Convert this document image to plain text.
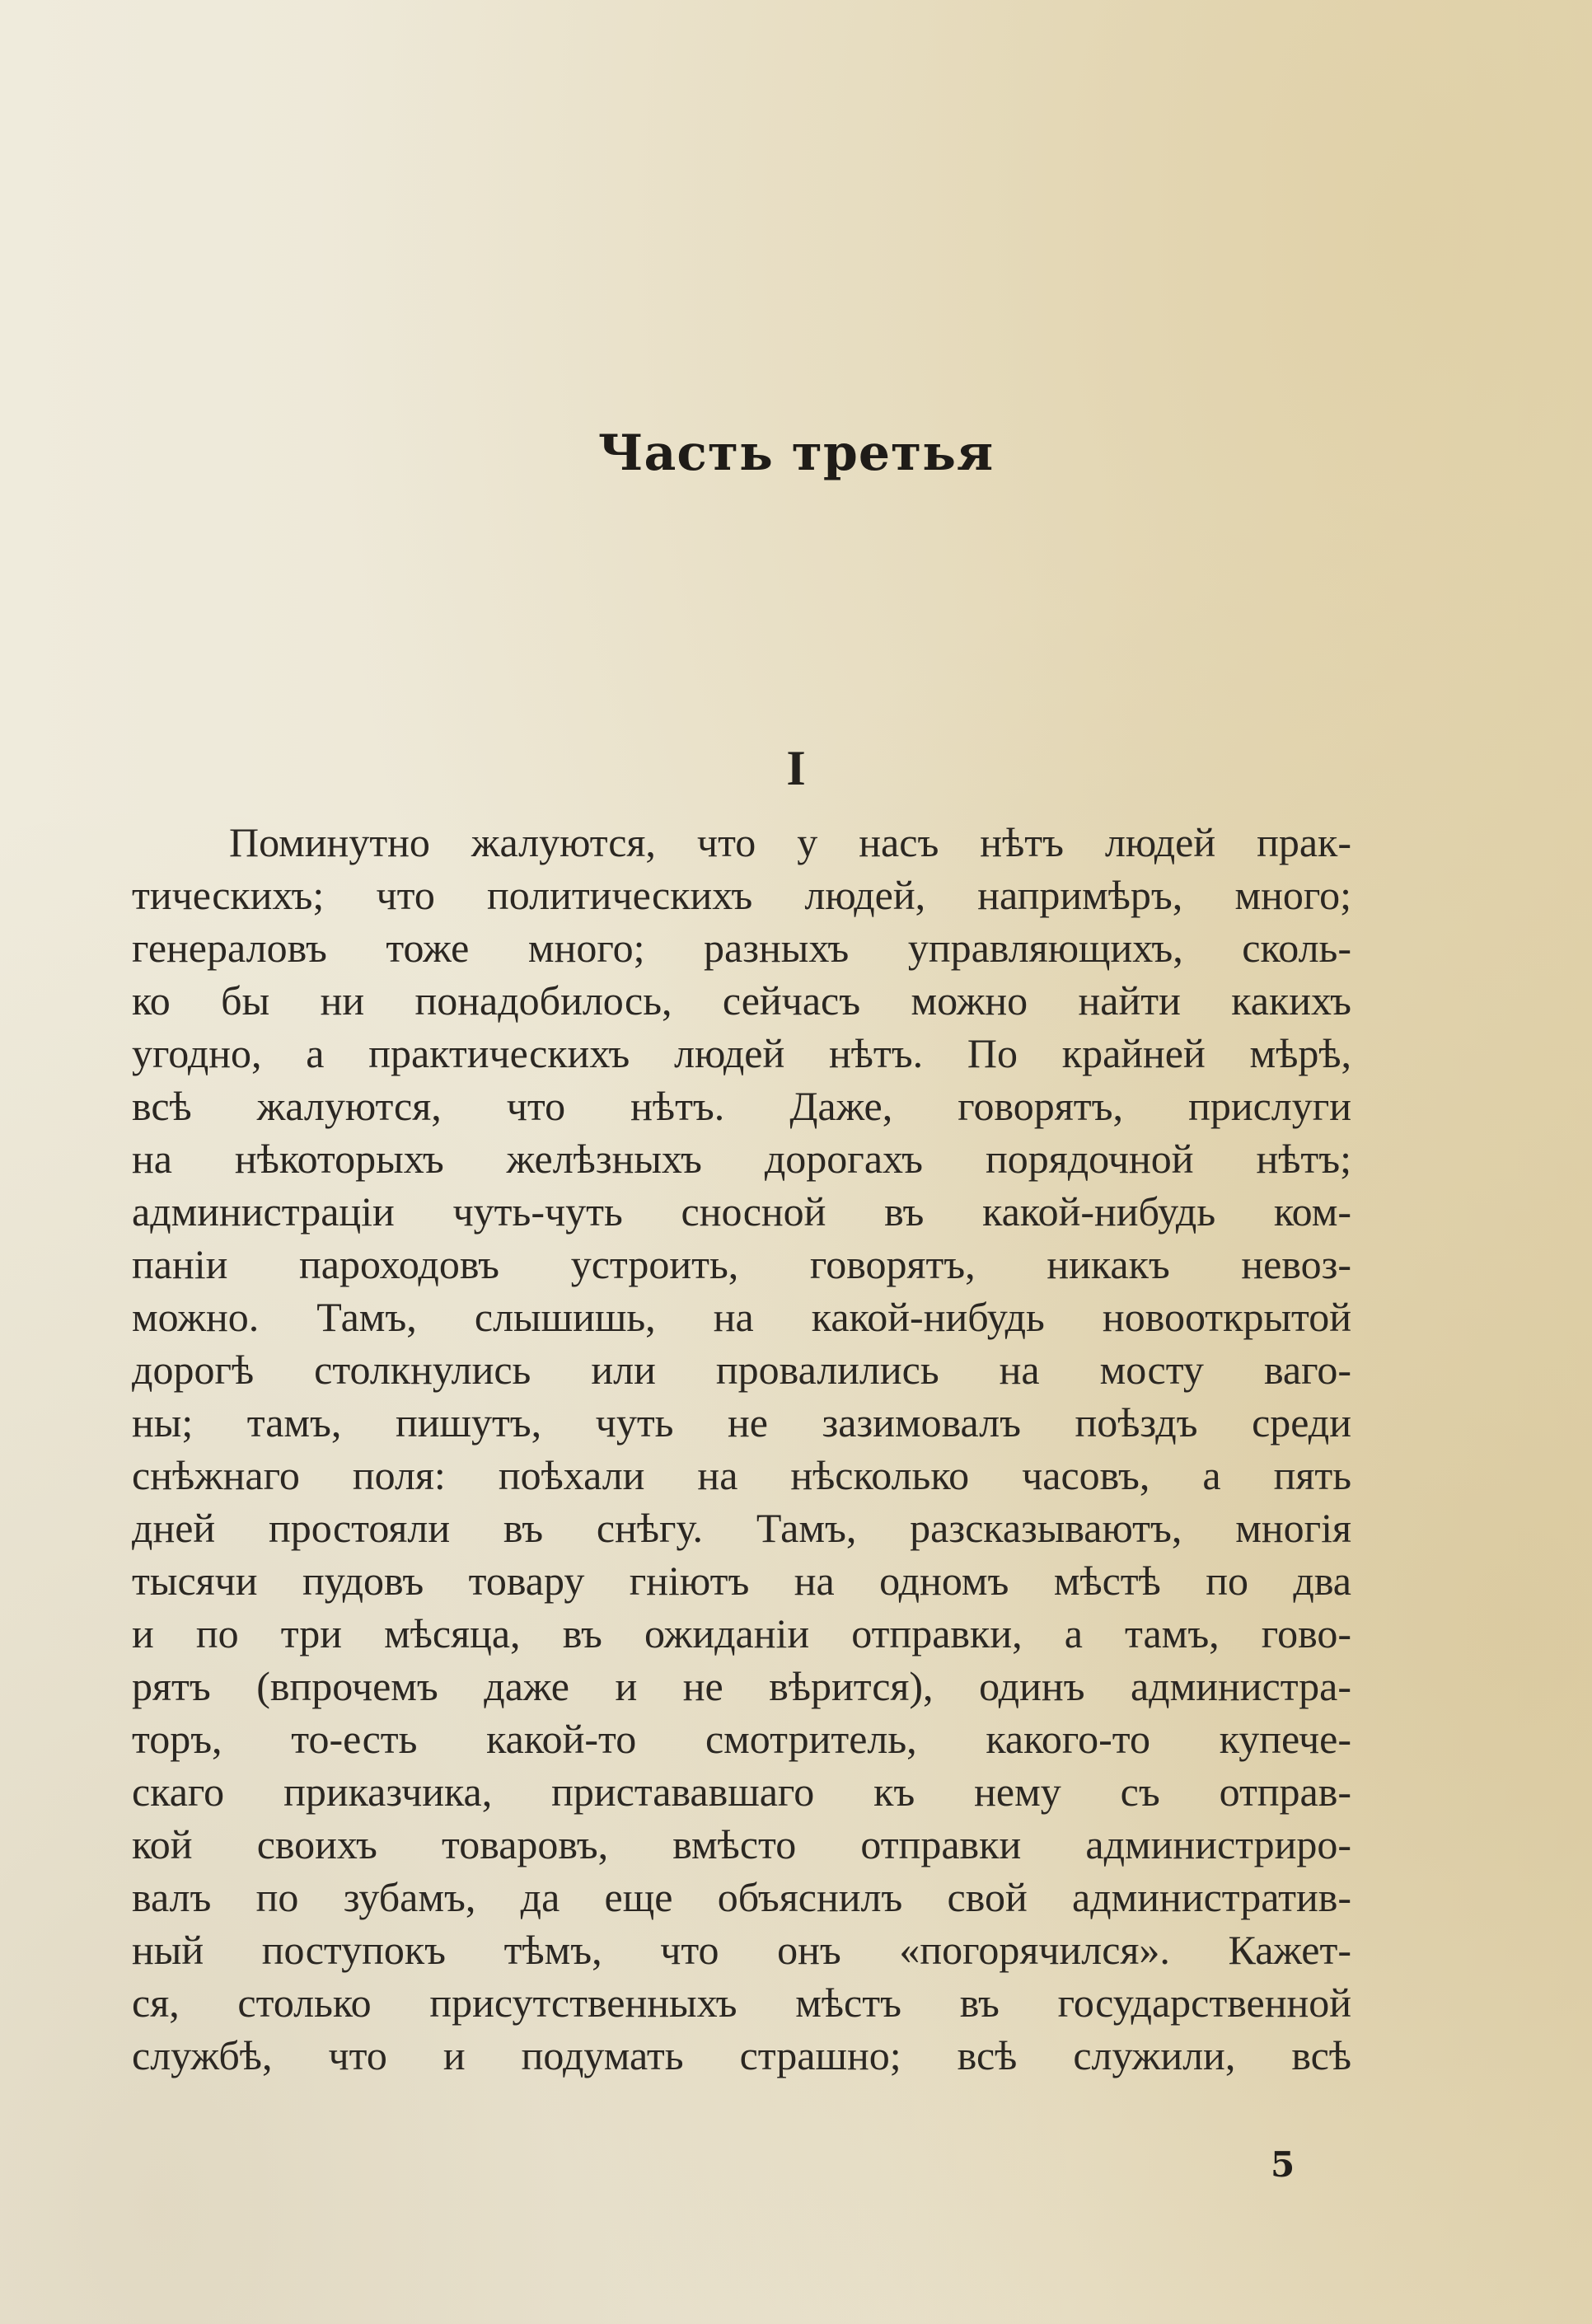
Часть третья
I
Поминутно жалуются, что у насъ нѣтъ людей прак-
тическихъ; что политическихъ людей, напримѣръ, много;
генераловъ тоже много; разныхъ управляющихъ, сколь-
ко бы ни понадобилось, сейчасъ можно найти какихъ
угодно, а практическихъ людей нѣтъ. По крайней мѣрѣ,
всѣ жалуются, что нѣтъ. Даже, говорятъ, прислуги
на нѣкоторыхъ желѣзныхъ дорогахъ порядочной нѣтъ;
администраціи чуть-чуть сносной въ какой-нибудь ком-
паніи пароходовъ устроить, говорятъ, никакъ невоз-
можно. Тамъ, слышишь, на какой-нибудь новооткрытой
дорогѣ столкнулись или провалились на мосту ваго-
ны; тамъ, пишутъ, чуть не зазимовалъ поѣздъ среди
снѣжнаго поля: поѣхали на нѣсколько часовъ, а пять
дней простояли въ снѣгу. Тамъ, разсказываютъ, многія
тысячи пудовъ товару гніютъ на одномъ мѣстѣ по два
и по три мѣсяца, въ ожиданіи отправки, а тамъ, гово-
рятъ (впрочемъ даже и не вѣрится), одинъ администра-
торъ, то-есть какой-то смотритель, какого-то купече-
скаго приказчика, пристававшаго къ нему съ отправ-
кой своихъ товаровъ, вмѣсто отправки администриро-
валъ по зубамъ, да еще объяснилъ свой административ-
ный поступокъ тѣмъ, что онъ «погорячился». Кажет-
ся, столько присутственныхъ мѣстъ въ государственной
службѣ, что и подумать страшно; всѣ служили, всѣ
5
